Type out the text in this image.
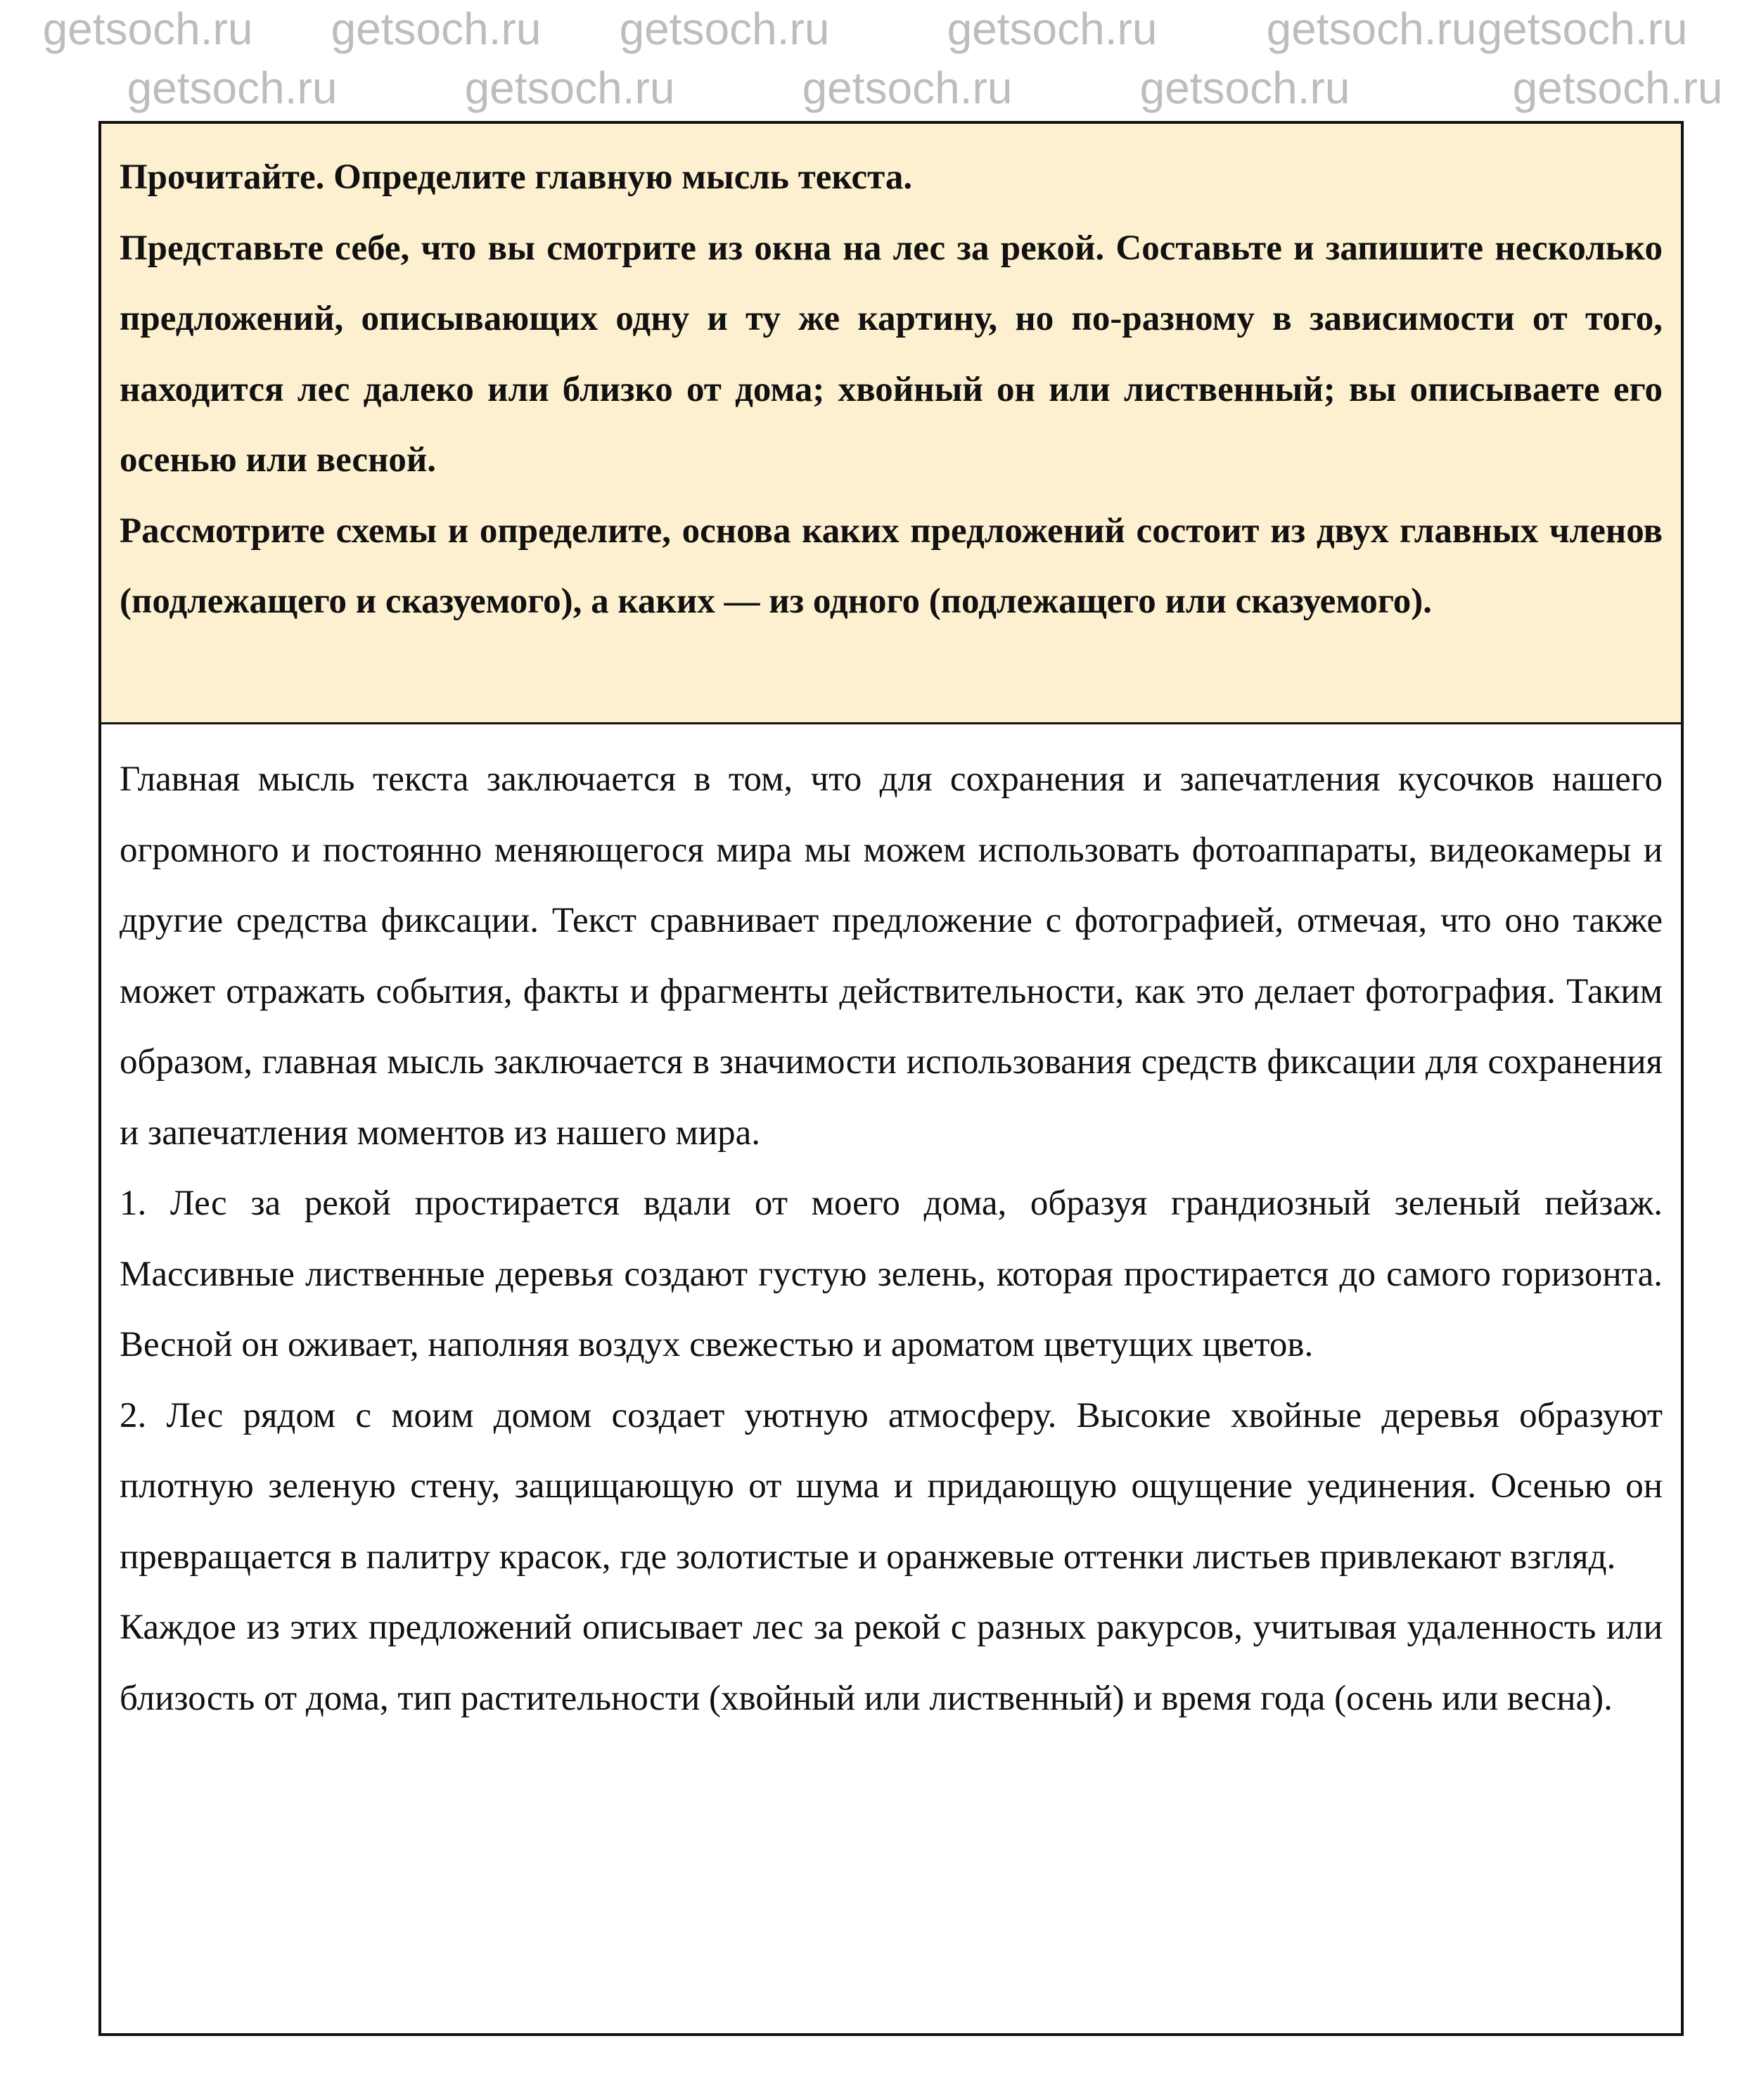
Прочитайте. Определите главную мысль текста.

Представьте себе, что вы смотрите из окна на лес за рекой. Составьте и запишите несколько предложений, описывающих одну и ту же картину, но по-разному в зависимости от того, находится лес далеко или близко от дома; хвойный он или лиственный; вы описываете его осенью или весной.

Рассмотрите схемы и определите, основа каких предложений состоит из двух главных членов (подлежащего и сказуемого), а каких — из одного (подлежащего или сказуемого).

Главная мысль текста заключается в том, что для сохранения и запечатления кусочков нашего огромного и постоянно меняющегося мира мы можем использовать фотоаппараты, видеокамеры и другие средства фиксации. Текст сравнивает предложение с фотографией, отмечая, что оно также может отражать события, факты и фрагменты действительности, как это делает фотография. Таким образом, главная мысль заключается в значимости использования средств фиксации для сохранения и запечатления моментов из нашего мира.

1. Лес за рекой простирается вдали от моего дома, образуя грандиозный зеленый пейзаж. Массивные лиственные деревья создают густую зелень, которая простирается до самого горизонта. Весной он оживает, наполняя воздух свежестью и ароматом цветущих цветов.

2. Лес рядом с моим домом создает уютную атмосферу. Высокие хвойные деревья образуют плотную зеленую стену, защищающую от шума и придающую ощущение уединения. Осенью он превращается в палитру красок, где золотистые и оранжевые оттенки листьев привлекают взгляд.

Каждое из этих предложений описывает лес за рекой с разных ракурсов, учитывая удаленность или близость от дома, тип растительности (хвойный или лиственный) и время года (осень или весна).

getsoch.ru
getsoch.ru getsoch.ru getsoch.ru	getsoch.ru
getsoch.ru
getsoch.ru	getsoch.ru	getsoch.ru	getsoch.ru
getsoch.ru
